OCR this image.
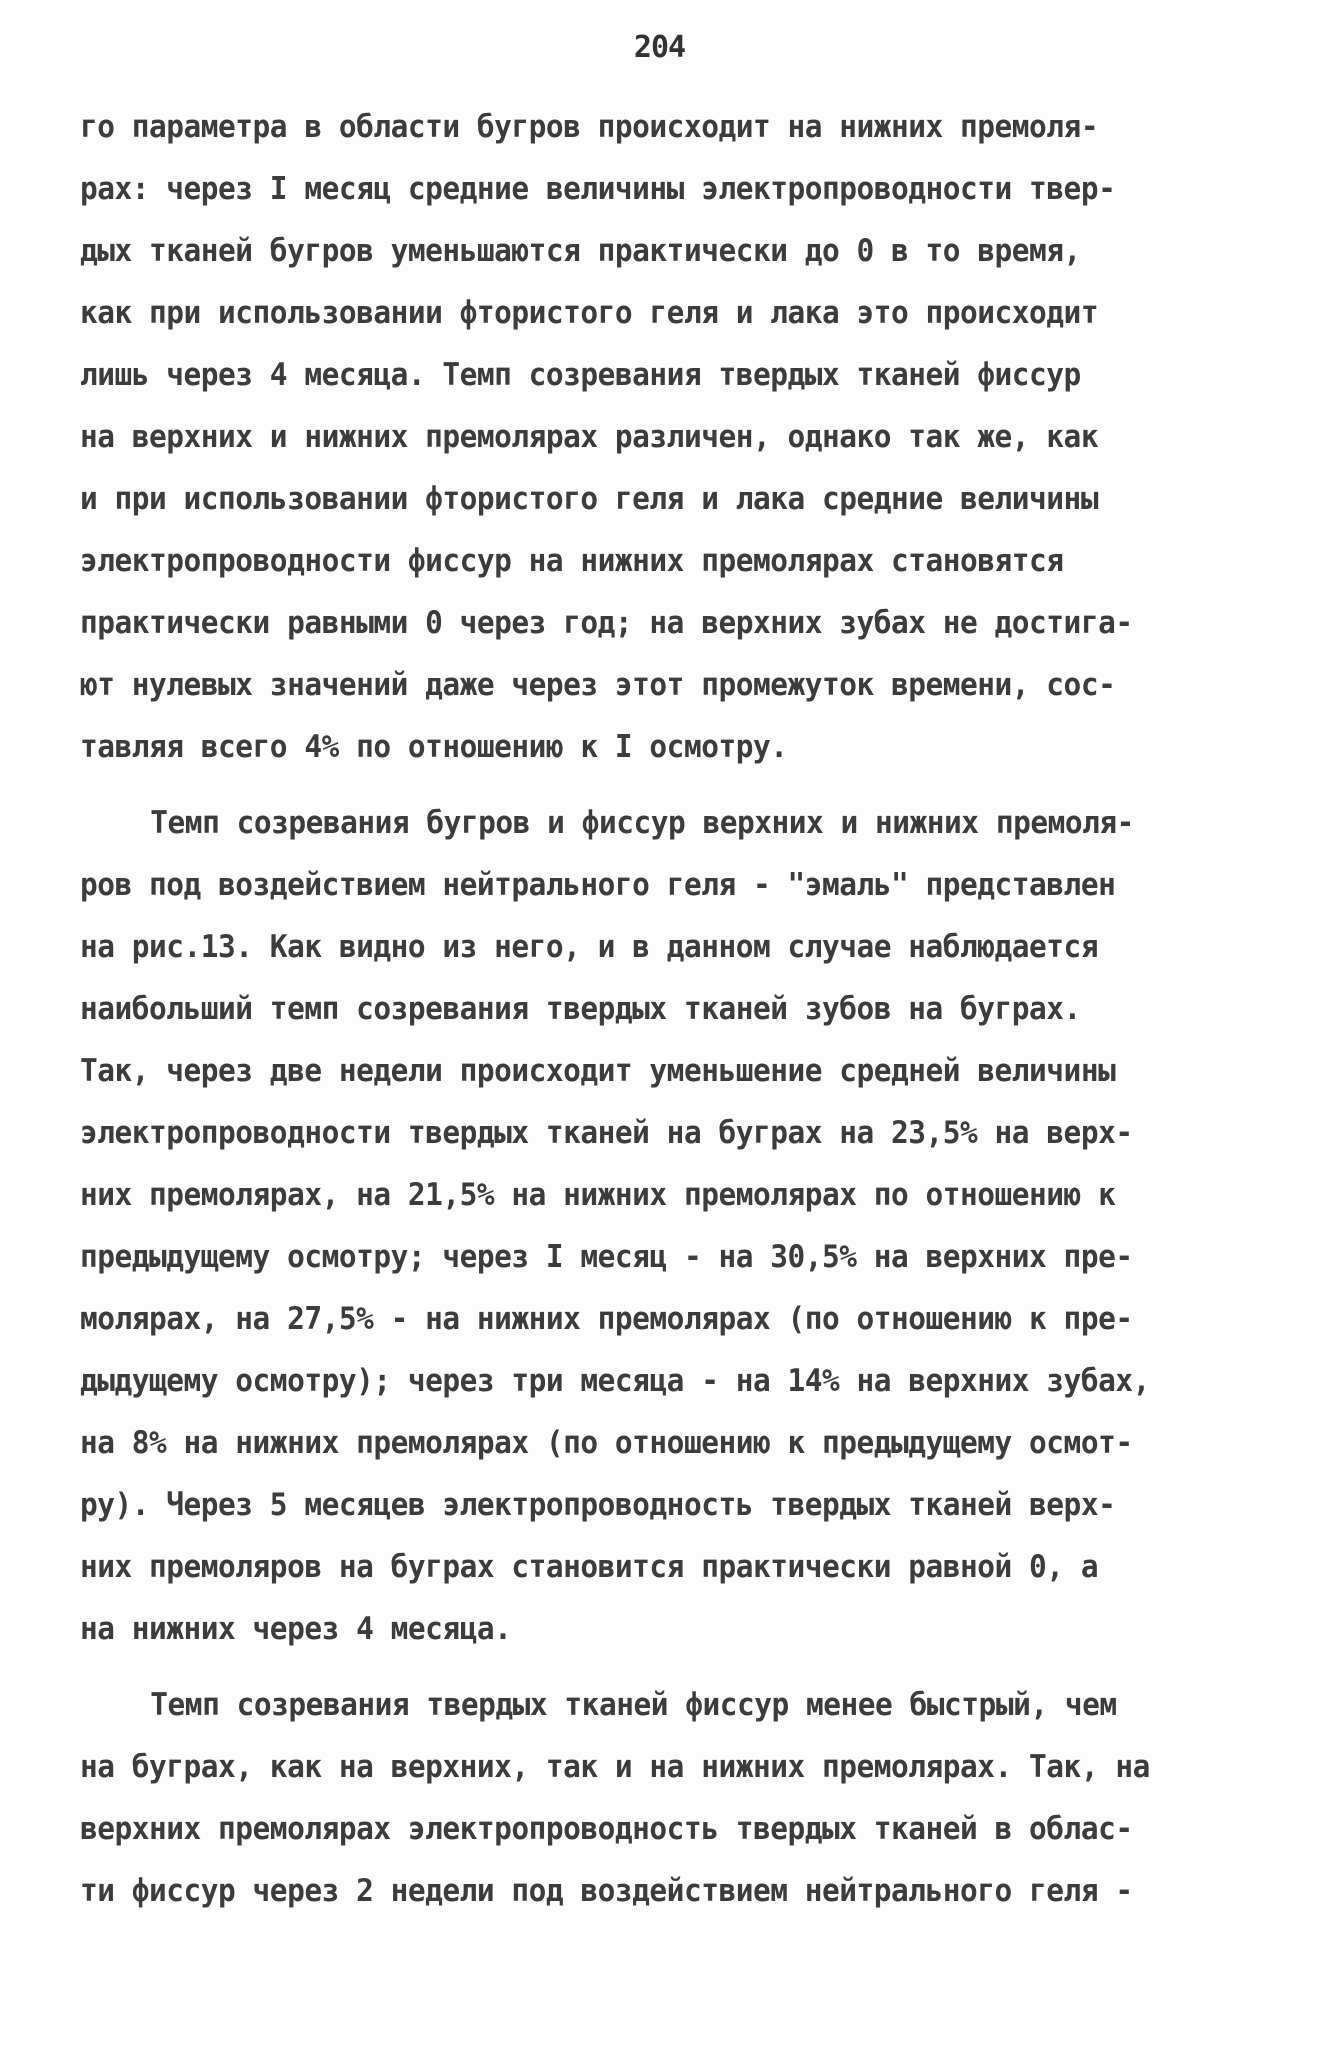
204
го параметра в области бугров происходит на нижних премоля-
рах: через I месяц средние величины электропроводности твер-
дых тканей бугров уменьшаются практически до 0 в то время,
как при использовании фтористого геля и лака это происходит
лишь через 4 месяца. Темп созревания твердых тканей фиссур
на верхних и нижних премолярах различен, однако так же, как
и при использовании фтористого геля и лака средние величины
электропроводности фиссур на нижних премолярах становятся
практически равными 0 через год; на верхних зубах не достига-
ют нулевых значений даже через этот промежуток времени, сос-
тавляя всего 4% по отношению к I осмотру.
Темп созревания бугров и фиссур верхних и нижних премоля-
ров под воздействием нейтрального геля - "эмаль" представлен
на рис.13. Как видно из него, и в данном случае наблюдается
наибольший темп созревания твердых тканей зубов на буграх.
Так, через две недели происходит уменьшение средней величины
электропроводности твердых тканей на буграх на 23,5% на верх-
них премолярах, на 21,5% на нижних премолярах по отношению к
предыдущему осмотру; через I месяц - на 30,5% на верхних пре-
молярах, на 27,5% - на нижних премолярах (по отношению к пре-
дыдущему осмотру); через три месяца - на 14% на верхних зубах,
на 8% на нижних премолярах (по отношению к предыдущему осмот-
ру). Через 5 месяцев электропроводность твердых тканей верх-
них премоляров на буграх становится практически равной 0, а
на нижних через 4 месяца.
Темп созревания твердых тканей фиссур менее быстрый, чем
на буграх, как на верхних, так и на нижних премолярах. Так, на
верхних премолярах электропроводность твердых тканей в облас-
ти фиссур через 2 недели под воздействием нейтрального геля -
